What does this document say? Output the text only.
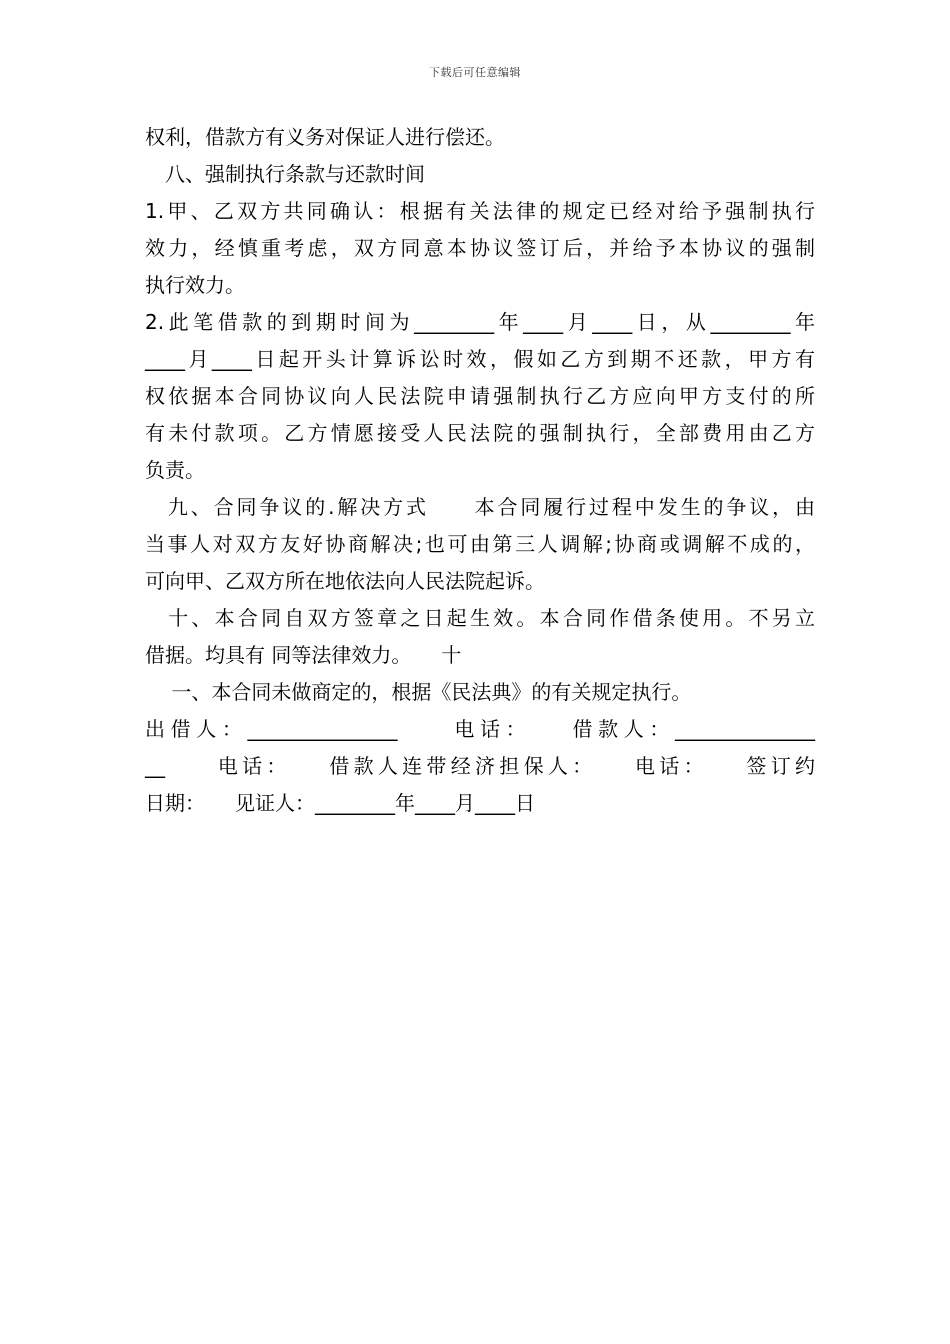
下载后可任意编辑
权利，借款方有义务对保证人进行偿还。
　八、强制执行条款与还款时间
1.甲、乙双方共同确认：根据有关法律的规定已经对给予强制执行
效力，经慎重考虑，双方同意本协议签订后，并给予本协议的强制
执行效力。
2.此笔借款的到期时间为________年____月____日，从________年
____月____日起开头计算诉讼时效，假如乙方到期不还款，甲方有
权依据本合同协议向人民法院申请强制执行乙方应向甲方支付的所
有未付款项。乙方情愿接受人民法院的强制执行，全部费用由乙方
负责。
　九、合同争议的.解决方式　　本合同履行过程中发生的争议，由
当事人对双方友好协商解决;也可由第三人调解;协商或调解不成的，
可向甲、乙双方所在地依法向人民法院起诉。
　十、本合同自双方签章之日起生效。本合同作借条使用。不另立
借据。均具有 同等法律效力。　　十
　 一、本合同未做商定的，根据《民法典》的有关规定执行。
出借人：_______________　　电话：　　借款人：______________
__　　电话：　　借款人连带经济担保人：　　电话：　　签订约
日期：　　见证人：________年____月____日
